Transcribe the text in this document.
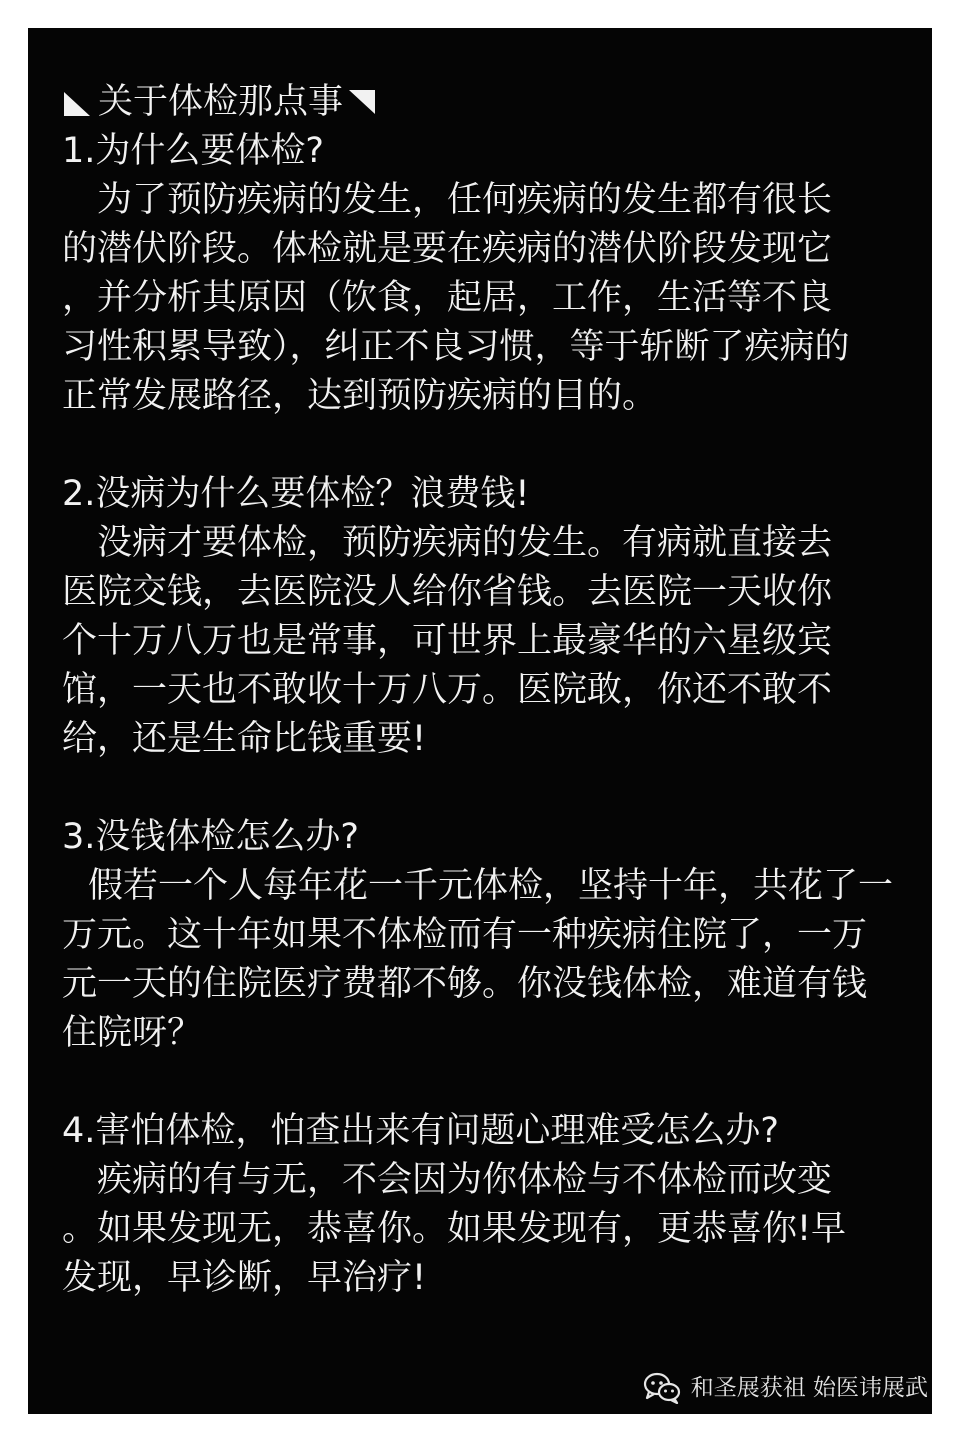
关于体检那点事

1.为什么要体检?

为了预防疾病的发生，任何疾病的发生都有很长的潜伏阶段。体检就是要在疾病的潜伏阶段发现它，并分析其原因（饮食，起居，工作，生活等不良习性积累导致），纠正不良习惯，等于斩断了疾病的正常发展路径，达到预防疾病的目的。

2.没病为什么要体检？浪费钱!

没病才要体检，预防疾病的发生。有病就直接去医院交钱，去医院没人给你省钱。去医院一天收你个十万八万也是常事，可世界上最豪华的六星级宾馆，一天也不敢收十万八万。医院敢，你还不敢不给，还是生命比钱重要!

3.没钱体检怎么办?

假若一个人每年花一千元体检，坚持十年，共花了一万元。这十年如果不体检而有一种疾病住院了，一万元一天的住院医疗费都不够。你没钱体检，难道有钱住院呀？

4.害怕体检，怕查出来有问题心理难受怎么办?

疾病的有与无，不会因为你体检与不体检而改变。如果发现无，恭喜你。如果发现有，更恭喜你!早发现，早诊断，早治疗!

和圣展获祖 始医讳展武
